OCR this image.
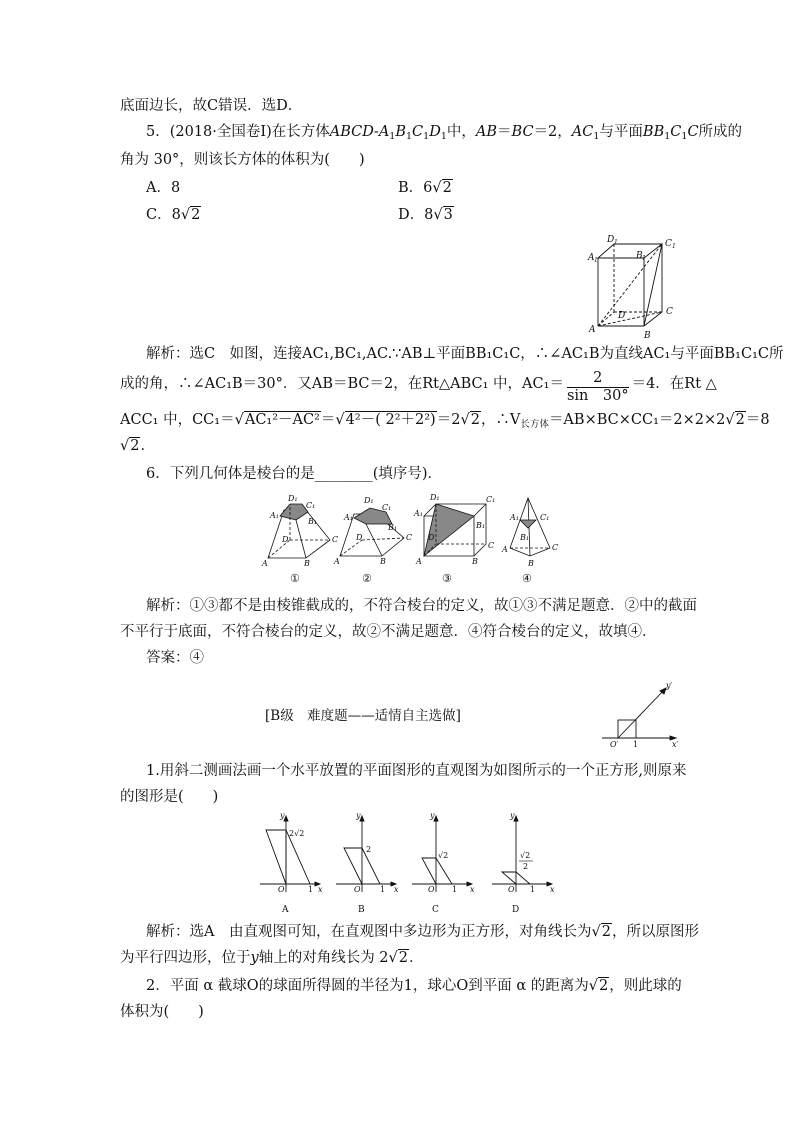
底面边长，故C错误．选D．
5．(2018·全国卷Ⅰ)在长方体ABCD-$A_1B_1C_1D_1$中，AB＝BC＝2，$AC_1$与平面$BB_1C_1C$所成的
角为 30°，则该长方体的体积为(　　)
A．8	B．6√2
C．8√2	D．8√3
D 1	C 1
A 1	B 1
D	C
A
B
解析：选C　如图，连接AC₁,BC₁,AC.∵AB⊥平面BB₁C₁C，∴∠AC₁B为直线AC₁与平面BB₁C₁C所
成的角，∴∠AC₁B＝30°．又AB＝BC＝2，在Rt△ABC₁ 中，$AC_1= \frac{2}{\sin 30^\circ} =4$．在Rt △
ACC₁ 中，CC₁＝√AC₁²－AC²＝√4²－( 2²＋2²)＝2√2，$\therefore V_{长方体}=AB\times BC\times CC_1=2\times 2\times 2√2=8$
√2．
6．下列几何体是棱台的是________(填序号)．
D₁
C₁
A₁
B₁
D	C
A	B
D₁
C₁
A₁
B₁
D	C
A	B
D₁	C₁
A₁
B₁
D
C
A	B
A₁	C₁
B₁
A	C
B
①	②	③	④
解析：①③都不是由棱锥截成的，不符合棱台的定义，故①③不满足题意．②中的截面
不平行于底面，不符合棱台的定义，故②不满足题意．④符合棱台的定义，故填④．
答案：④
[B级　难度题——适情自主选做]
y′
x′
O′ 1
1.用斜二测画法画一个水平放置的平面图形的直观图为如图所示的一个正方形,则原来
的图形是(　　)
y
x
O	1
2√2
y
x
O 1
2
y
x
O 1
√2
y
x
O 1
√2
2
A	B	C	D
解析：选A　由直观图可知，在直观图中多边形为正方形，对角线长为√2，所以原图形
为平行四边形，位于y轴上的对角线长为 2√2．
2．平面 α 截球O的球面所得圆的半径为1，球心O到平面 α 的距离为√2，则此球的
体积为(　　)
